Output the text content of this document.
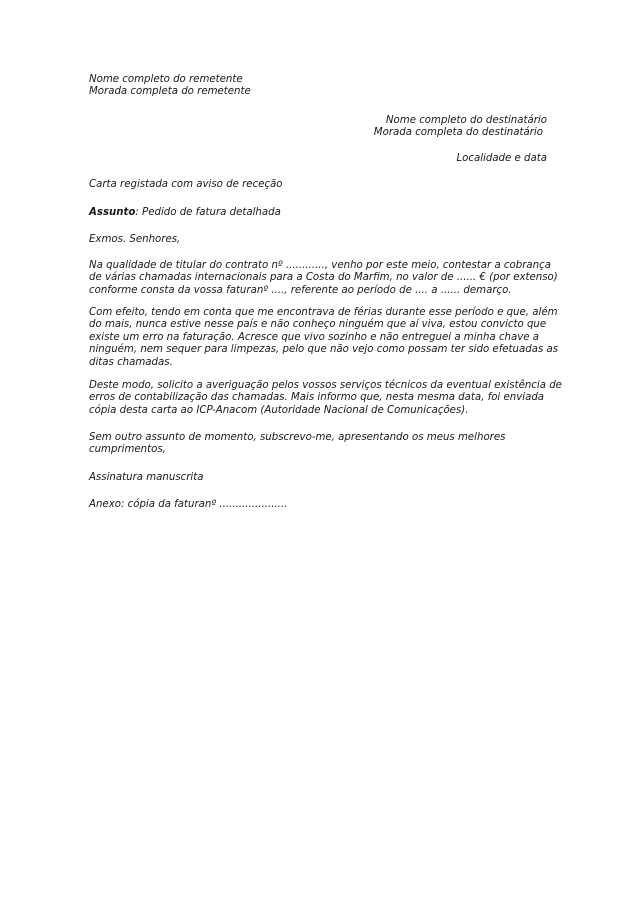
Nome completo do remetente
Morada completa do remetente
Nome completo do destinatário
Morada completa do destinatário
Localidade e data
Carta registada com aviso de receção
Assunto: Pedido de fatura detalhada
Exmos. Senhores,
Na qualidade de titular do contrato nº ............, venho por este meio, contestar a cobrança
de várias chamadas internacionais para a Costa do Marfim, no valor de ...... € (por extenso)
conforme consta da vossa faturanº ...., referente ao período de .... a ...... demarço.
Com efeito, tendo em conta que me encontrava de férias durante esse período e que, além
do mais, nunca estive nesse país e não conheço ninguém que aí viva, estou convicto que
existe um erro na faturação. Acresce que vivo sozinho e não entreguei a minha chave a
ninguém, nem sequer para limpezas, pelo que não vejo como possam ter sido efetuadas as
ditas chamadas.
Deste modo, solicito a averiguação pelos vossos serviços técnicos da eventual existência de
erros de contabilização das chamadas. Mais informo que, nesta mesma data, foi enviada
cópia desta carta ao ICP-Anacom (Autoridade Nacional de Comunicações).
Sem outro assunto de momento, subscrevo-me, apresentando os meus melhores
cumprimentos,
Assinatura manuscrita
Anexo: cópia da faturanº .....................
